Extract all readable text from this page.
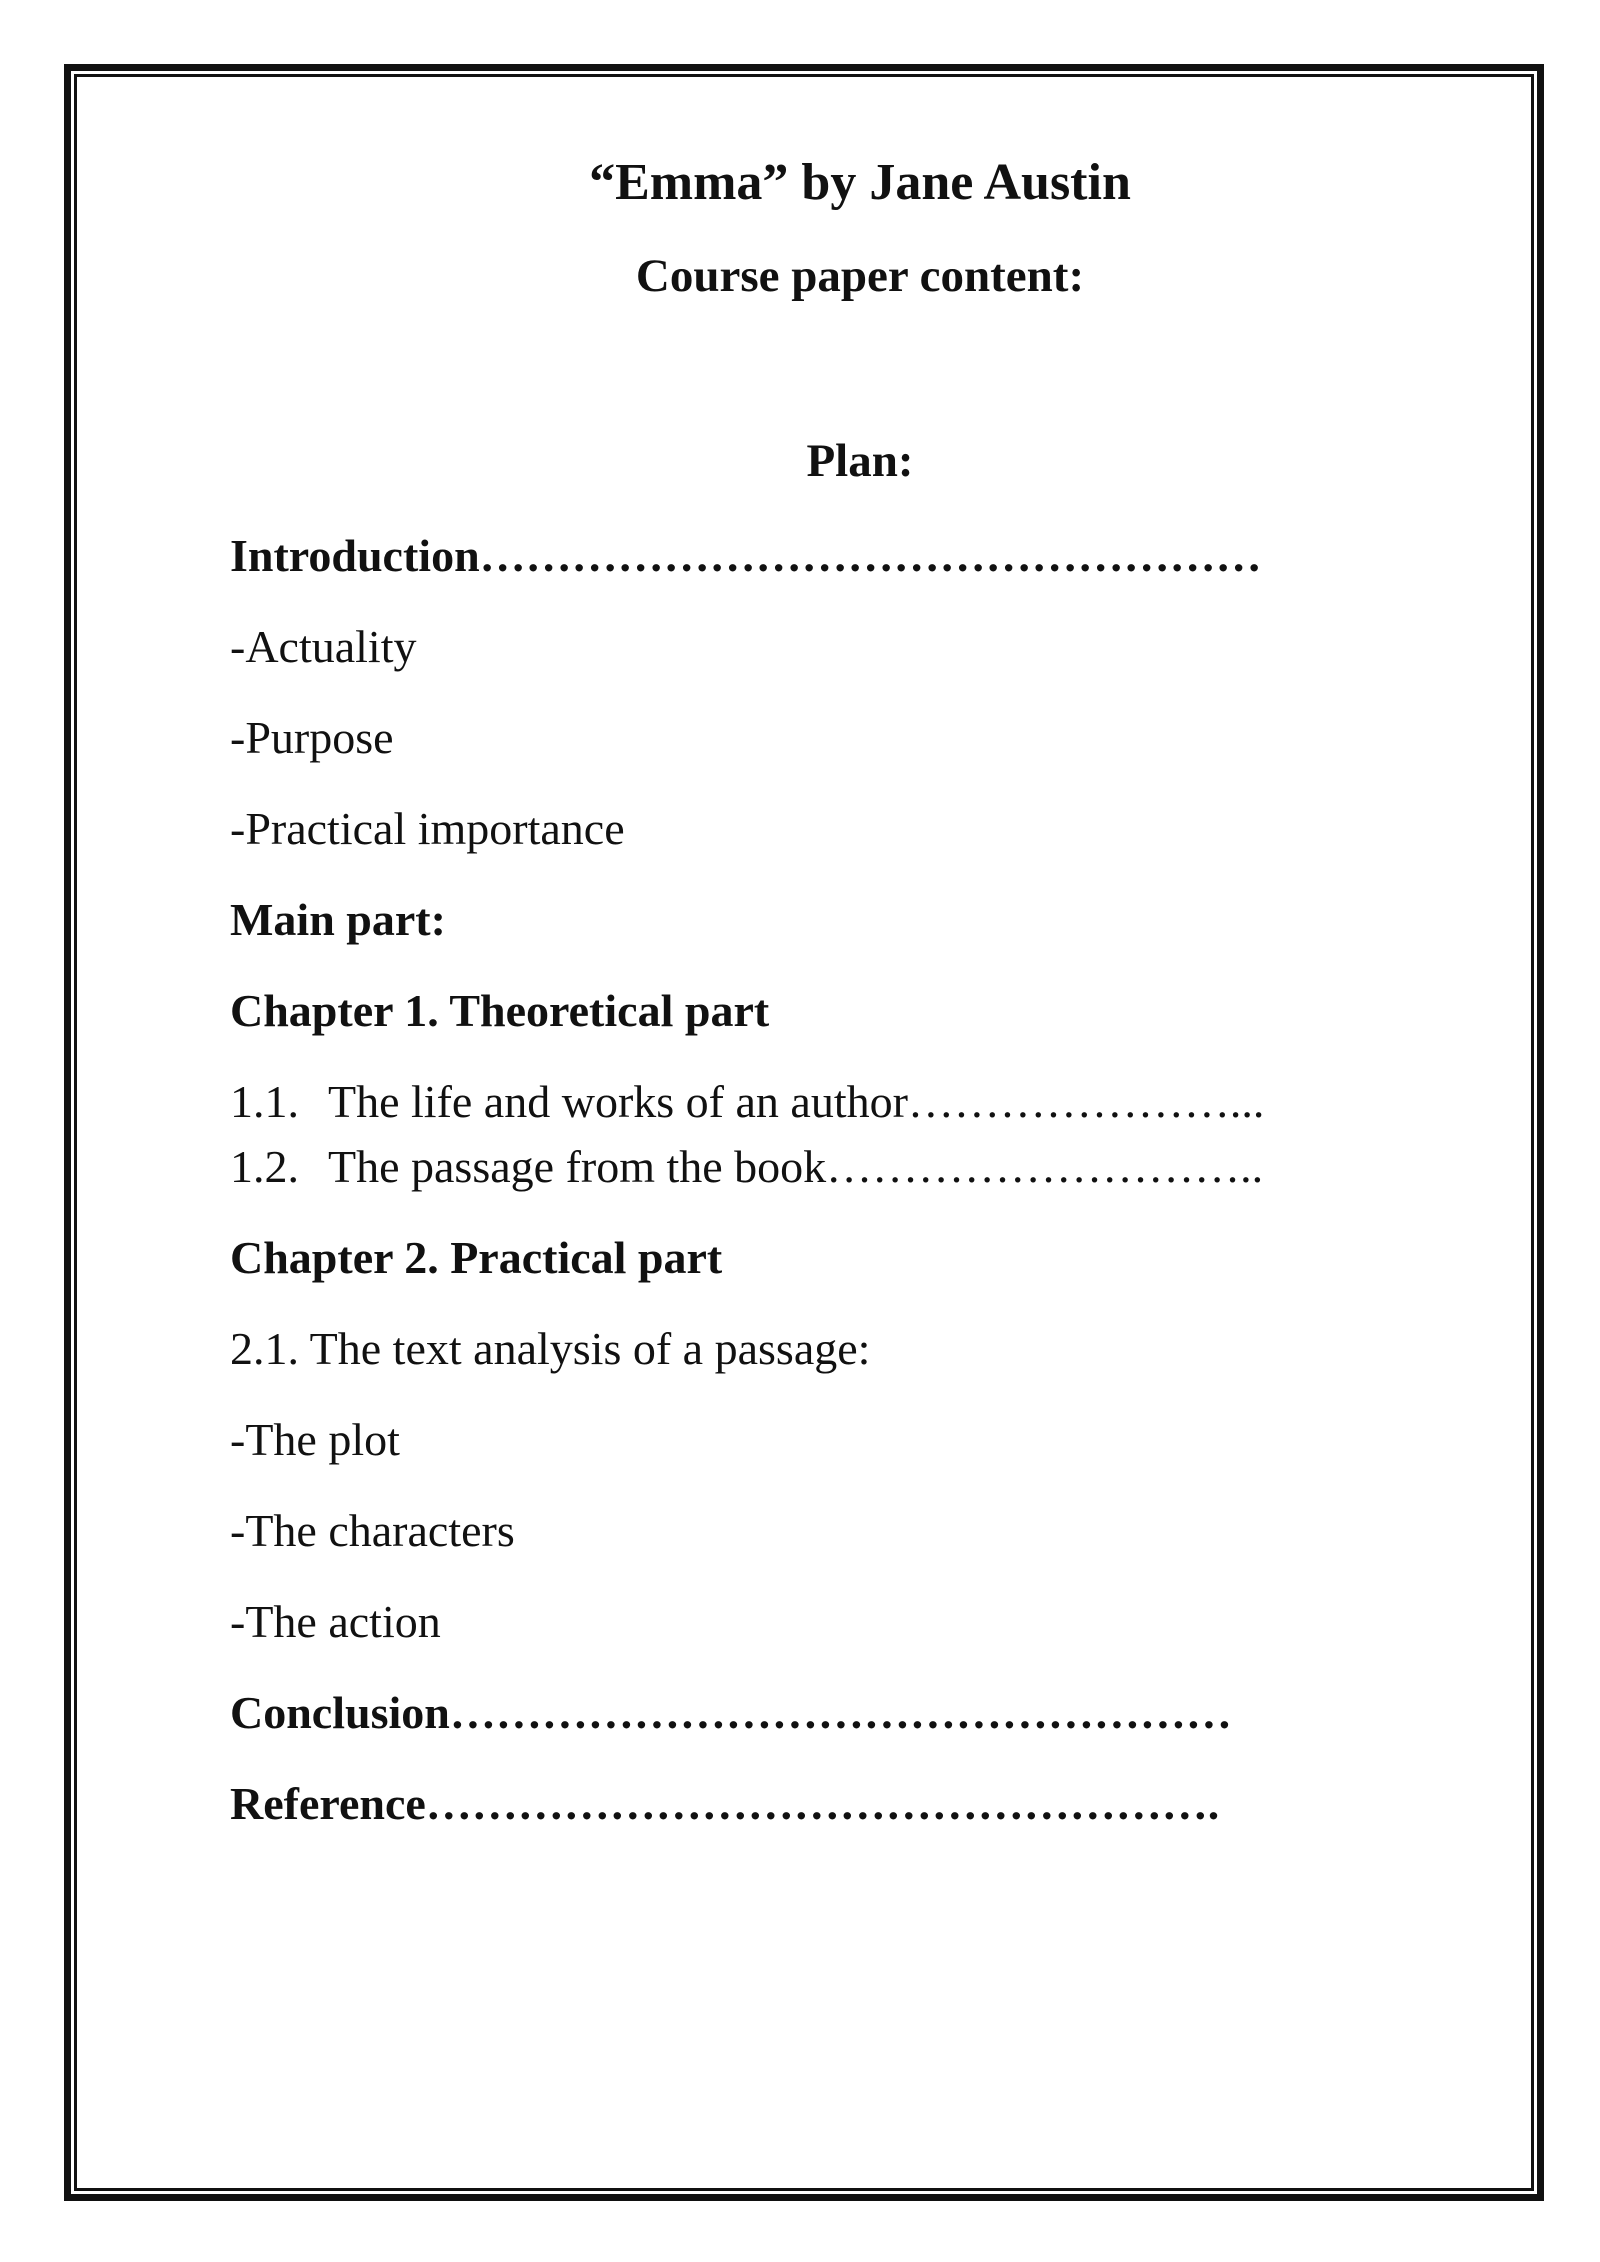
“Emma” by Jane Austin
Course paper content:
Plan:
Introduction……………………………………………
-Actuality
-Purpose
-Practical importance
Main part:
Chapter 1. Theoretical part
1.1. The life and works of an author…………………...
1.2. The passage from the book………………………..
Chapter 2. Practical part
2.1. The text analysis of a passage:
-The plot
-The characters
-The action
Conclusion……………………………………………
Reference…………………………………………….
